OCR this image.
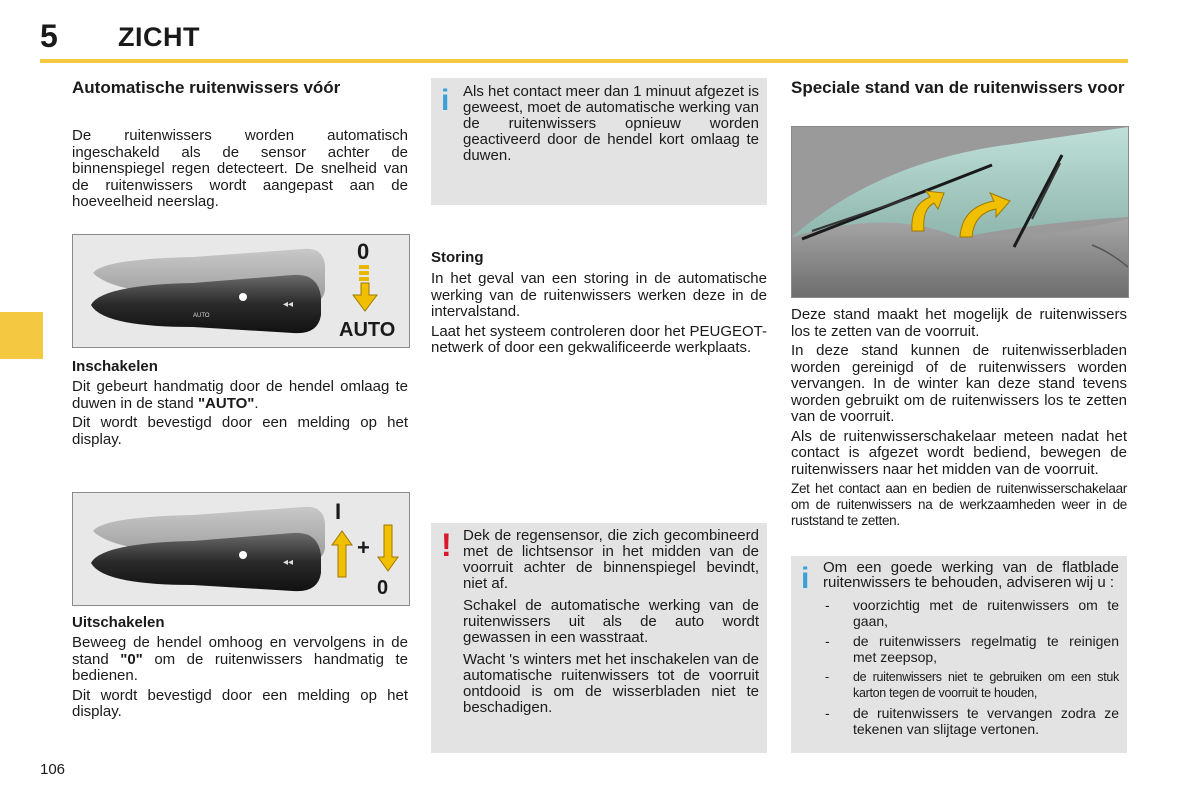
5 ZICHT
Automatische ruitenwissers vóór

De ruitenwissers worden automatisch ingeschakeld als de sensor achter de binnenspiegel regen detecteert. De snelheid van de ruitenwissers wordt aangepast aan de hoeveelheid neerslag.

AUTO
◂◂
0
AUTO
Inschakelen

Dit gebeurt handmatig door de hendel omlaag te duwen in de stand "AUTO".

Dit wordt bevestigd door een melding op het display.

◂◂
I
+
0
Uitschakelen

Beweeg de hendel omhoog en vervolgens in de stand "0" om de ruitenwissers handmatig te bedienen.

Dit wordt bevestigd door een melding op het display.

i Als het contact meer dan 1 minuut afgezet is geweest, moet de automatische werking van de ruitenwissers opnieuw worden geactiveerd door de hendel kort omlaag te duwen.

Storing

In het geval van een storing in de automatische werking van de ruitenwissers werken deze in de intervalstand.

Laat het systeem controleren door het PEUGEOT-netwerk of door een gekwalificeerde werkplaats.

! Dek de regensensor, die zich gecombineerd met de lichtsensor in het midden van de voorruit achter de binnenspiegel bevindt, niet af.

Schakel de automatische werking van de ruitenwissers uit als de auto wordt gewassen in een wasstraat.

Wacht 's winters met het inschakelen van de automatische ruitenwissers tot de voorruit ontdooid is om de wisserbladen niet te beschadigen.

Speciale stand van de ruitenwissers voor

Deze stand maakt het mogelijk de ruitenwissers los te zetten van de voorruit.

In deze stand kunnen de ruitenwisserbladen worden gereinigd of de ruitenwissers worden vervangen. In de winter kan deze stand tevens worden gebruikt om de ruitenwissers los te zetten van de voorruit.

Als de ruitenwisserschakelaar meteen nadat het contact is afgezet wordt bediend, bewegen de ruitenwissers naar het midden van de voorruit.

Zet het contact aan en bedien de ruitenwisserschakelaar om de ruitenwissers na de werkzaamheden weer in de ruststand te zetten.

i Om een goede werking van de flatblade ruitenwissers te behouden, adviseren wij u :

- voorzichtig met de ruitenwissers om te gaan,
- de ruitenwissers regelmatig te reinigen met zeepsop,
- de ruitenwissers niet te gebruiken om een stuk karton tegen de voorruit te houden,
- de ruitenwissers te vervangen zodra ze tekenen van slijtage vertonen.
106
